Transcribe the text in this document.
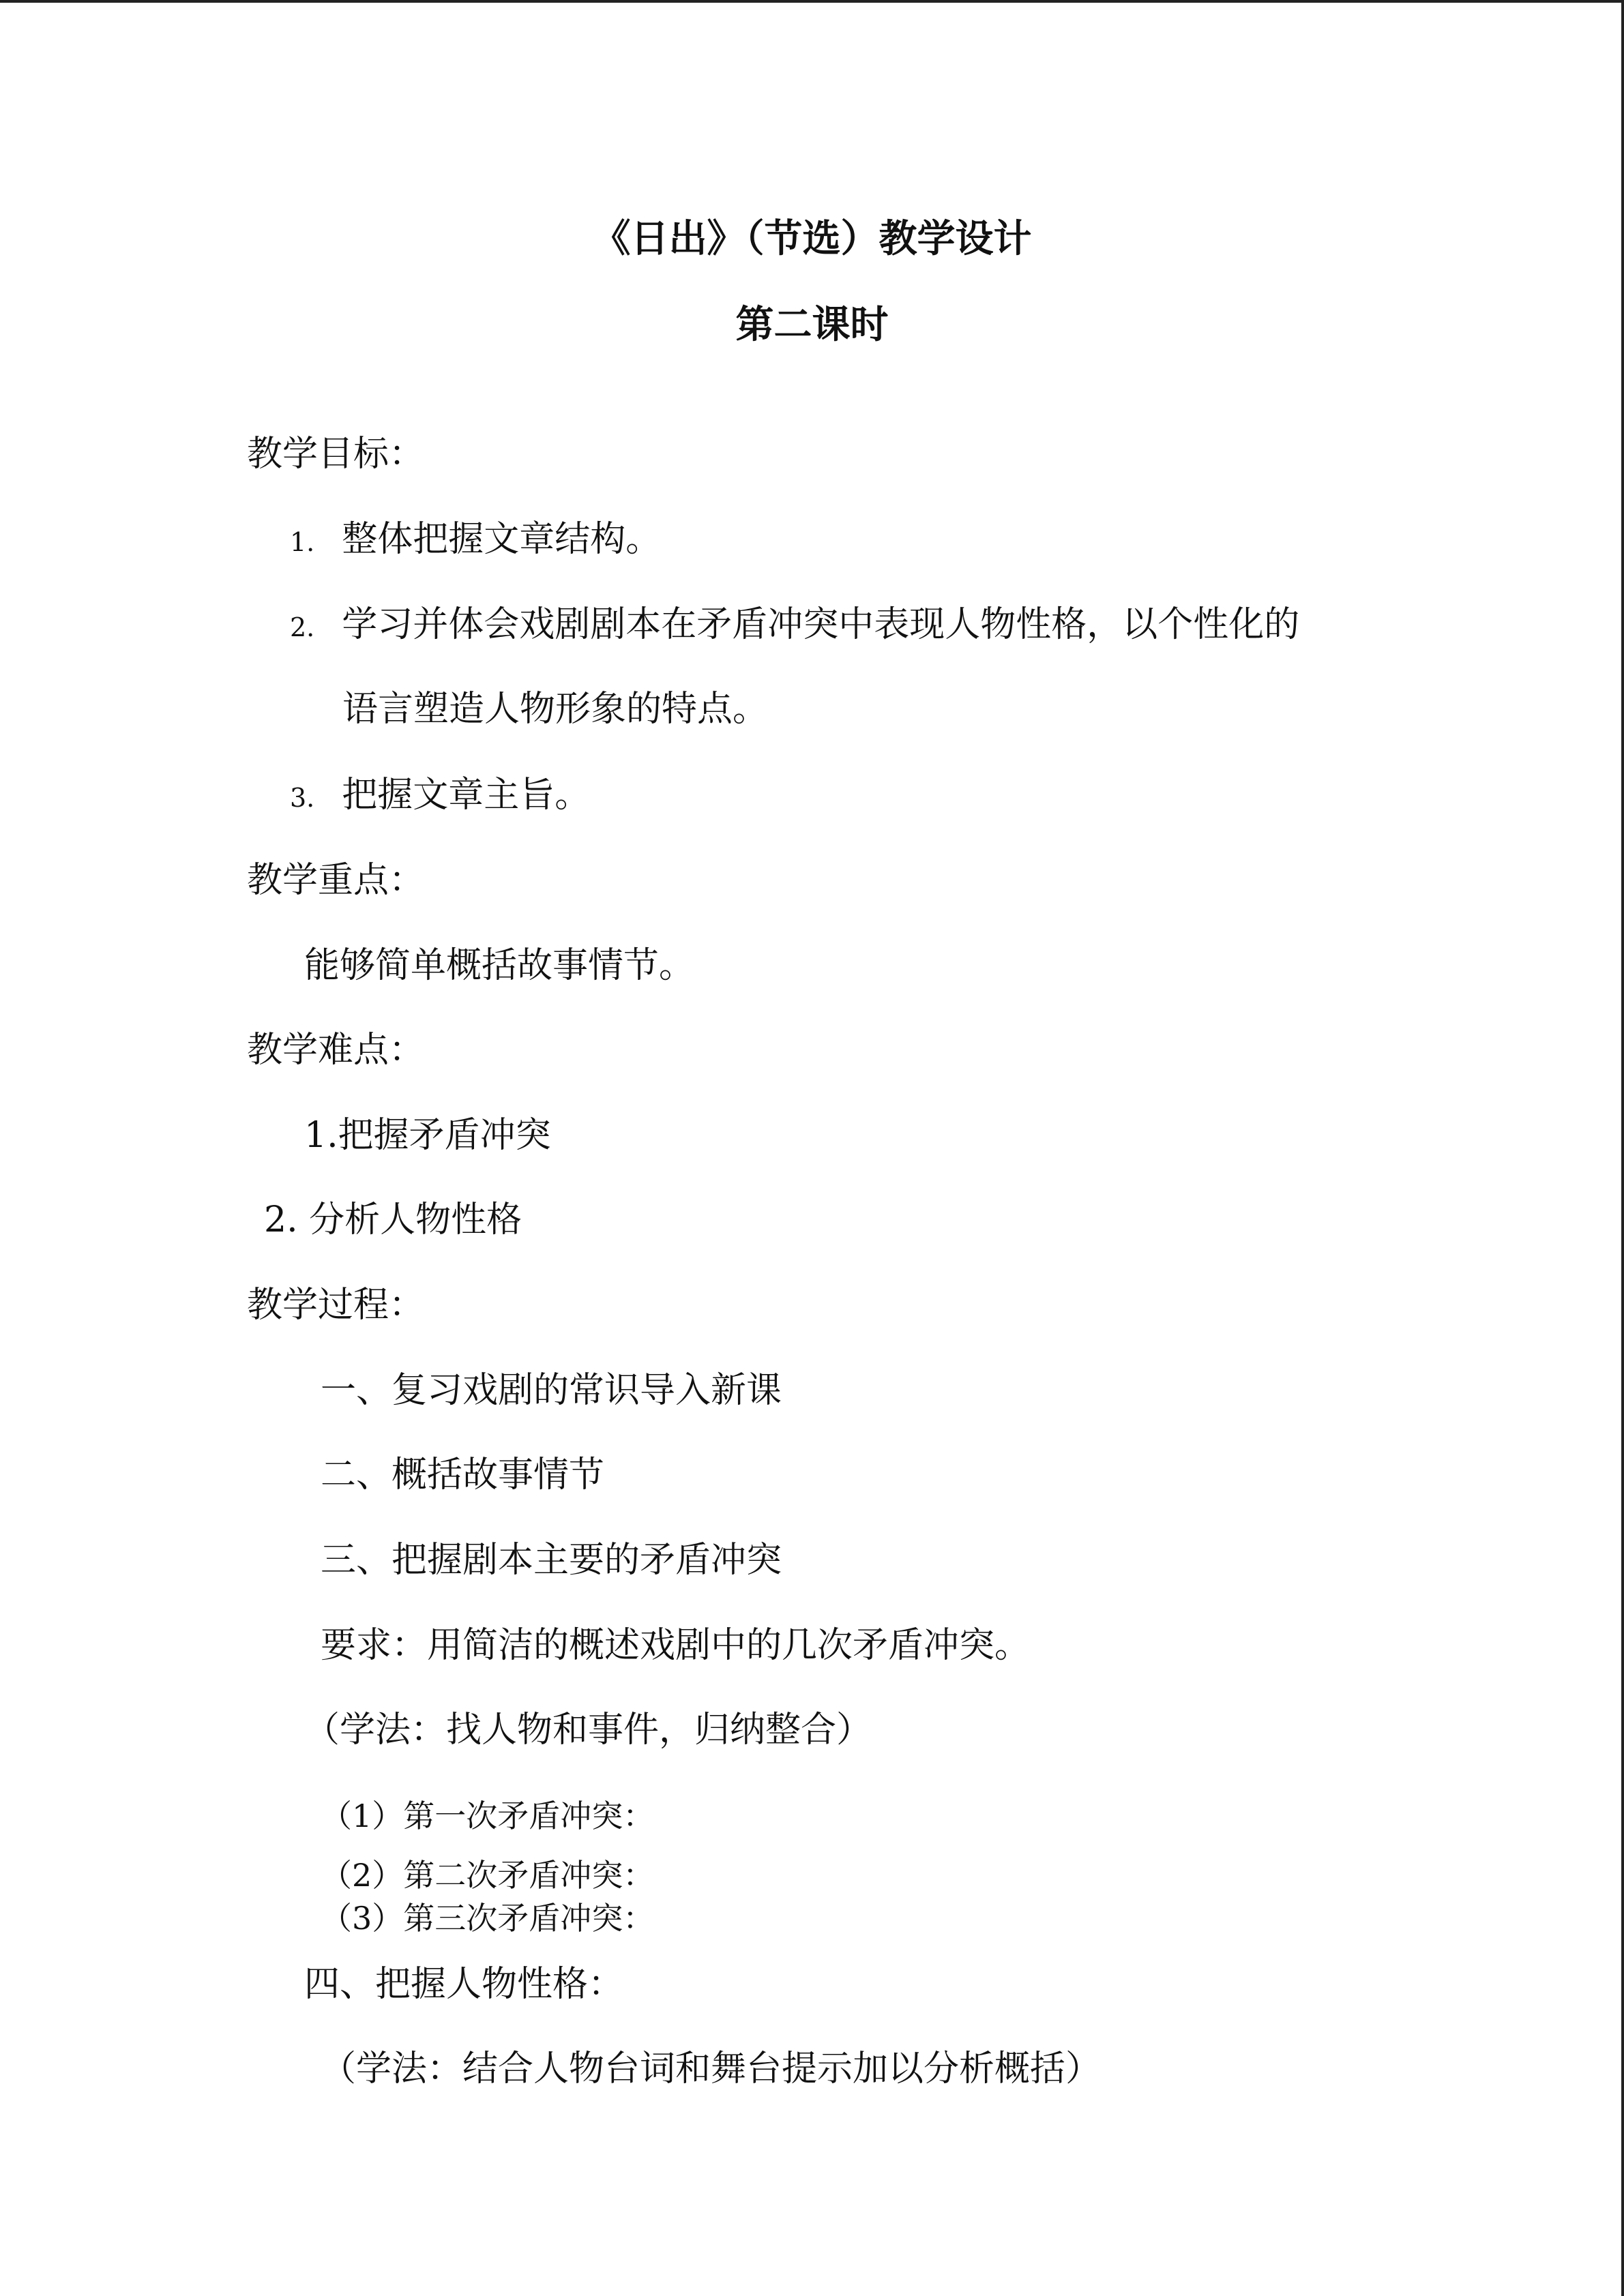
《日出》（节选）教学设计
第二课时
教学目标：
1. 整体把握文章结构。
2. 学习并体会戏剧剧本在矛盾冲突中表现人物性格，以个性化的
语言塑造人物形象的特点。
3. 把握文章主旨。
教学重点：
能够简单概括故事情节。
教学难点：
1.把握矛盾冲突
2. 分析人物性格
教学过程：
一、复习戏剧的常识导入新课
二、概括故事情节
三、把握剧本主要的矛盾冲突
要求：用简洁的概述戏剧中的几次矛盾冲突。
（学法：找人物和事件，归纳整合）
（1）第一次矛盾冲突：
（2）第二次矛盾冲突：
（3）第三次矛盾冲突：
四、把握人物性格：
（学法：结合人物台词和舞台提示加以分析概括）
